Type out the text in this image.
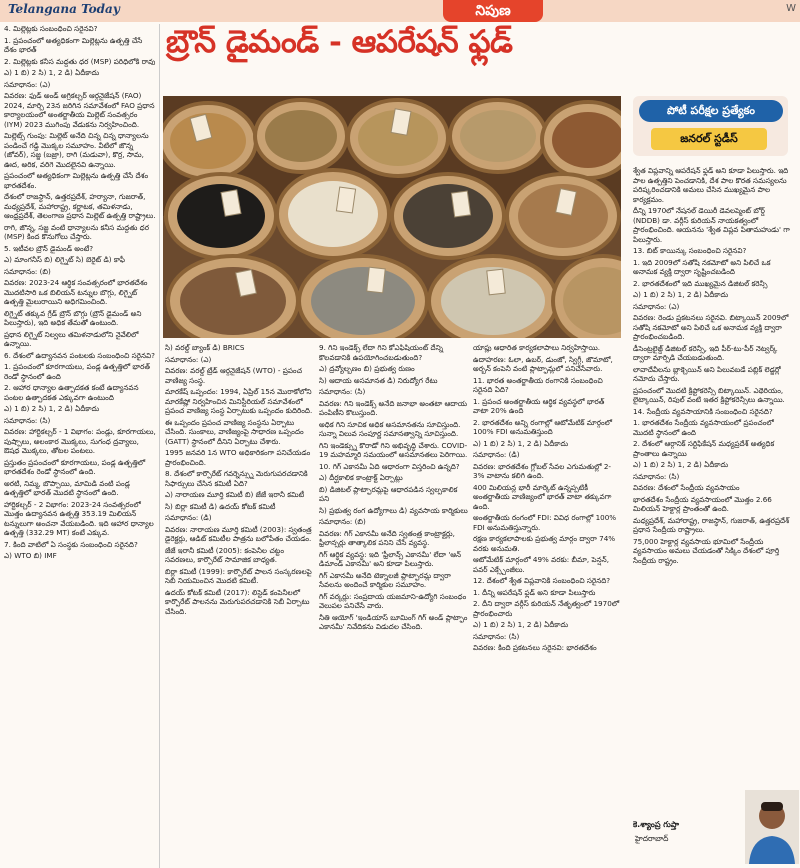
Telangana Today	నిపుణ	W
బ్రౌన్ డైమండ్ - ఆపరేషన్ ఫ్లడ్
4. మిల్లెట్లకు సంబంధించి సరైనవి?
1. ప్రపంచంలో అత్యధికంగా మిల్లెట్లను ఉత్పత్తి చేసే దేశం భారత్
2. మిల్లెట్లకు కనీస మద్దతు ధర (MSP) పరిధిలోకి రావు
ఎ) 1 బి) 2 సి) 1, 2 డి) ఏదీకాదు
సమాధానం: (ఎ)
వివరణ: ఫుడ్ అండ్ అగ్రికల్చర్ ఆర్గనైజేషన్ (FAO) 2024, మార్చి 23న జరిగిన సమావేశంలో FAO ప్రధాన కార్యాలయంలో అంతర్జాతీయ మిల్లెట్ సంవత్సరం (IYM) 2023 ముగింపు వేడుకను నిర్వహించింది.
మిల్లెట్స్ గుంపు: మిల్లెట్ అనేది చిన్న చిన్న ధాన్యాలను పండించే గడ్డి మొక్కల సమూహం. వీటిలో జొన్న (జోవర్), సజ్జ (బజ్రా), రాగి (మడువా), కొర్ర, సామ, ఊద, అరిక, వరిగె మొదలైనవి ఉన్నాయి.
ప్రపంచంలో అత్యధికంగా మిల్లెట్లను ఉత్పత్తి చేసే దేశం భారతదేశం.
దేశంలో రాజస్థాన్, ఉత్తరప్రదేశ్, హర్యానా, గుజరాత్, మధ్యప్రదేశ్, మహారాష్ట్ర, కర్ణాటక, తమిళనాడు, ఆంధ్రప్రదేశ్, తెలంగాణ ప్రధాన మిల్లెట్ ఉత్పత్తి రాష్ట్రాలు.
రాగి, జొన్న, సజ్జ వంటి ధాన్యాలను కనీస మద్దతు ధర (MSP) కింద కొనుగోలు చేస్తారు.
5. ఇటీవల బ్రౌన్ డైమండ్ అంటే?
ఎ) మాంగనీస్ బి) లిగ్నైట్ సి) బెరైట్ డి) కాఫీ
సమాధానం: (బి)
వివరణ: 2023-24 ఆర్థిక సంవత్సరంలో భారతదేశం మొదటిసారి ఒక బిలియన్ టన్నుల బొగ్గు, లిగ్నైట్ ఉత్పత్తి మైలురాయిని అధిగమించింది.
లిగ్నైట్ తక్కువ గ్రేడ్ బ్రౌన్ బొగ్గు (బ్రౌన్ డైమండ్ అని పిలుస్తారు), ఇది అధిక తేమతో ఉంటుంది.
ప్రధాన లిగ్నైట్ నిల్వలు తమిళనాడులోని నైవేలిలో ఉన్నాయి.
6. దేశంలో ఉద్యానవన పంటలకు సంబంధించి సరైనవి?
1. ప్రపంచంలో కూరగాయలు, పండ్ల ఉత్పత్తిలో భారత్ రెండో స్థానంలో ఉంది
2. ఆహార ధాన్యాల ఉత్పాదకత కంటే ఉద్యానవన పంటల ఉత్పాదకత ఎక్కువగా ఉంటుంది
ఎ) 1 బి) 2 సి) 1, 2 డి) ఏదీకాదు
సమాధానం: (సి)
వివరణ: హార్టికల్చర్ - 1 విభాగం: పండ్లు, కూరగాయలు, పుష్పాలు, అలంకార మొక్కలు, సుగంధ ద్రవ్యాలు, ఔషధ మొక్కలు, తోటల పంటలు.
ప్రస్తుతం ప్రపంచంలో కూరగాయలు, పండ్ల ఉత్పత్తిలో భారతదేశం రెండో స్థానంలో ఉంది.
అరటి, నిమ్మ, బొప్పాయి, మామిడి వంటి పండ్ల ఉత్పత్తిలో భారత్ మొదటి స్థానంలో ఉంది.
హార్టికల్చర్ - 2 విభాగం: 2023-24 సంవత్సరంలో మొత్తం ఉద్యానవన ఉత్పత్తి 353.19 మిలియన్ టన్నులుగా అంచనా వేయబడింది. ఇది ఆహార ధాన్యాల ఉత్పత్తి (332.29 MT) కంటే ఎక్కువ.
7. కింది వాటిలో ఏ సంస్థకు సంబంధించి సరైనది?
ఎ) WTO బి) IMF
సి) వరల్డ్ బ్యాంక్ డి) BRICS
సమాధానం: (ఎ)
వివరణ: వరల్డ్ ట్రేడ్ ఆర్గనైజేషన్ (WTO) - ప్రపంచ వాణిజ్య సంస్థ.
మారకేష్ ఒప్పందం: 1994, ఏప్రిల్ 15న మొరాకోలోని మారకేష్లో నిర్వహించిన మినిస్టీరియల్ సమావేశంలో ప్రపంచ వాణిజ్య సంస్థ ఏర్పాటుకు ఒప్పందం కుదిరింది.
ఈ ఒప్పందం ప్రపంచ వాణిజ్య సంస్థను ఏర్పాటు చేసింది. సుంకాలు, వాణిజ్యంపై సాధారణ ఒప్పందం (GATT) స్థానంలో దీనిని ఏర్పాటు చేశారు.
1995 జనవరి 1న WTO అధికారికంగా పనిచేయడం ప్రారంభించింది.
8. దేశంలో కార్పొరేట్ గవర్నెన్స్ను మెరుగుపరచడానికి సిఫార్సులు చేసిన కమిటీ ఏది?
ఎ) నారాయణ మూర్తి కమిటీ బి) జేజే ఇరానీ కమిటీ
సి) బిర్లా కమిటీ డి) ఉదయ్ కోటక్ కమిటీ
సమాధానం: (డి)
వివరణ: నారాయణ మూర్తి కమిటీ (2003): స్వతంత్ర డైరెక్టర్లు, ఆడిట్ కమిటీల పాత్రను బలోపేతం చేయడం.
జేజే ఇరానీ కమిటీ (2005): కంపెనీల చట్టం సవరణలు, కార్పొరేట్ సామాజిక బాధ్యత.
బిర్లా కమిటీ (1999): కార్పొరేట్ పాలన సంస్కరణలపై సెబీ నియమించిన మొదటి కమిటీ.
ఉదయ్ కోటక్ కమిటీ (2017): లిస్టెడ్ కంపెనీలలో కార్పొరేట్ పాలనను మెరుగుపరచడానికి సెబీ ఏర్పాటు చేసింది.
9. గిని ఇండెక్స్ లేదా గిని కోఎఫిషియంట్ దేన్ని కొలవడానికి ఉపయోగించబడుతుంది?
ఎ) ద్రవ్యోల్బణం బి) ప్రభుత్వ రుణం
సి) ఆదాయ అసమానత డి) నిరుద్యోగ రేటు
సమాధానం: (సి)
వివరణ: గిని ఇండెక్స్ అనేది జనాభా అంతటా ఆదాయ పంపిణీని కొలుస్తుంది.
అధిక గిని సూచిక అధిక అసమానతను సూచిస్తుంది. సున్నా విలువ సంపూర్ణ సమానత్వాన్ని సూచిస్తుంది.
గిని ఇండెక్స్ను కొరాడో గిని అభివృద్ధి చేశారు. COVID-19 మహమ్మారి సమయంలో అసమానతలు పెరిగాయి.
10. గిగ్ ఎకానమీ ఏది ఆధారంగా విస్తరించి ఉన్నది?
ఎ) దీర్ఘకాలిక కాంట్రాక్ట్ ఏర్పాట్లు
బి) డిజిటల్ ప్లాట్ఫారమ్లపై ఆధారపడిన స్వల్పకాలిక పని
సి) ప్రభుత్వ రంగ ఉద్యోగాలు డి) వ్యవసాయ కార్మికులు
సమాధానం: (బి)
వివరణ: గిగ్ ఎకానమీ అనేది స్వతంత్ర కాంట్రాక్టర్లు, ఫ్రీలాన్సర్లు తాత్కాలిక పనిని చేసే వ్యవస్థ.
గిగ్ ఆర్థిక వ్యవస్థ: ఇది 'ఫ్రీలాన్స్ ఎకానమీ' లేదా 'ఆన్ డిమాండ్ ఎకానమీ' అని కూడా పిలుస్తారు.
గిగ్ ఎకానమీ అనేది టెక్నాలజీ ప్లాట్ఫారమ్ల ద్వారా సేవలను అందించే కార్మికుల సమూహం.
గిగ్ వర్కర్లు: సంప్రదాయ యజమాని-ఉద్యోగి సంబంధం వెలుపల పనిచేసే వారు.
నీతి ఆయోగ్ 'ఇండియాస్ బూమింగ్ గిగ్ అండ్ ప్లాట్ఫాం ఎకానమీ' నివేదికను విడుదల చేసింది.
యాప్లు ఆధారిత కార్యకలాపాలు నిర్వహిస్తాయి.
ఉదాహరణ: ఓలా, ఉబర్, డుంజో, స్విగ్గీ, జొమాటో, అర్బన్ కంపెనీ వంటి ప్లాట్ఫామ్లలో పనిచేసేవారు.
11. భారత అంతర్జాతీయ రంగానికి సంబంధించి సరైనది ఏది?
1. ప్రపంచ అంతర్జాతీయ ఆర్థిక వ్యవస్థలో భారత్ వాటా 20% ఉంది
2. భారతదేశం అన్ని రంగాల్లో ఆటోమేటిక్ మార్గంలో 100% FDI అనుమతిస్తుంది
ఎ) 1 బి) 2 సి) 1, 2 డి) ఏదీకాదు
సమాధానం: (డి)
వివరణ: భారతదేశం గ్లోబల్ సేవల ఎగుమతుల్లో 2-3% వాటాను కలిగి ఉంది.
400 మిలియన్ల భారీ మార్కెట్ ఉన్నప్పటికీ అంతర్జాతీయ వాణిజ్యంలో భారత్ వాటా తక్కువగా ఉంది.
అంతర్జాతీయ రంగంలో FDI: వివిధ రంగాల్లో 100% FDI అనుమతిస్తున్నారు.
రక్షణ కార్యకలాపాలకు ప్రభుత్వ మార్గం ద్వారా 74% వరకు అనుమతి.
ఆటోమేటిక్ మార్గంలో 49% వరకు: బీమా, పెన్షన్, పవర్ ఎక్స్చేంజీలు.
12. దేశంలో శ్వేత విప్లవానికి సంబంధించి సరైనది?
1. దీన్ని ఆపరేషన్ ఫ్లడ్ అని కూడా పిలుస్తారు
2. దీని ద్వారా వర్గీస్ కురియన్ నేతృత్వంలో 1970లో ప్రారంభించారు
ఎ) 1 బి) 2 సి) 1, 2 డి) ఏదీకాదు
సమాధానం: (సి)
వివరణ: కింది ప్రకటనలు సరైనవి: భారతదేశం
పోటీ పరీక్షల ప్రత్యేకం
జనరల్ స్టడీస్
శ్వేత విప్లవాన్ని ఆపరేషన్ ఫ్లడ్ అని కూడా పిలుస్తారు. ఇది పాల ఉత్పత్తిని పెంచడానికి, దేశ పాల కొరత సమస్యలను పరిష్కరించడానికి అమలు చేసిన ముఖ్యమైన పాల కార్యక్రమం.
దీన్ని 1970లో నేషనల్ డెయిరీ డెవలప్మెంట్ బోర్డ్ (NDDB) డా. వర్గీస్ కురియన్ నాయకత్వంలో ప్రారంభించింది. ఆయనను 'శ్వేత విప్లవ పితామహుడు' గా పిలుస్తారు.
13. బిట్ కాయిన్కు సంబంధించి సరైనవి?
1. ఇది 2009లో సతోషి నకమోటో అని పిలిచే ఒక అనామక వ్యక్తి ద్వారా సృష్టించబడింది
2. భారతదేశంలో ఇది ముఖ్యమైన డిజిటల్ కరెన్సీ
ఎ) 1 బి) 2 సి) 1, 2 డి) ఏదీకాదు
సమాధానం: (ఎ)
వివరణ: రెండు ప్రకటనలు సరైనవి. బిట్కాయిన్ 2009లో సతోషి నకమోటో అని పిలిచే ఒక అనామక వ్యక్తి ద్వారా ప్రారంభించబడింది.
డీసెంట్రలైజ్డ్ డిజిటల్ కరెన్సీ, ఇది పీర్-టు-పీర్ నెట్వర్క్ ద్వారా మార్పిడి చేయబడుతుంది.
లావాదేవీలను బ్లాక్చెయిన్ అని పిలువబడే పబ్లిక్ లెడ్జర్లో నమోదు చేస్తారు.
ప్రపంచంలో మొదటి క్రిప్టోకరెన్సీ బిట్కాయిన్. ఎథెరియం, లైట్కాయిన్, రిపుల్ వంటి ఇతర క్రిప్టోకరెన్సీలు ఉన్నాయి.
14. సేంద్రీయ వ్యవసాయానికి సంబంధించి సరైనది?
1. భారతదేశం సేంద్రీయ వ్యవసాయంలో ప్రపంచంలో మొదటి స్థానంలో ఉంది
2. దేశంలో ఆర్గానిక్ సర్టిఫికేషన్ మధ్యప్రదేశ్ అత్యధిక ప్రాంతాలు ఉన్నాయి
ఎ) 1 బి) 2 సి) 1, 2 డి) ఏదీకాదు
సమాధానం: (సి)
వివరణ: దేశంలో సేంద్రీయ వ్యవసాయం
భారతదేశం సేంద్రీయ వ్యవసాయంలో మొత్తం 2.66 మిలియన్ హెక్టార్ల ప్రాంతంతో ఉంది.
మధ్యప్రదేశ్, మహారాష్ట్ర, రాజస్థాన్, గుజరాత్, ఉత్తరప్రదేశ్ ప్రధాన సేంద్రీయ రాష్ట్రాలు.
75,000 హెక్టార్ల వ్యవసాయ భూమిలో సేంద్రీయ వ్యవసాయం అమలు చేయడంతో సిక్కిం దేశంలో పూర్తి సేంద్రీయ రాష్ట్రం.
కె.శ్యాంప్ర గుప్తా
హైదరాబాద్
